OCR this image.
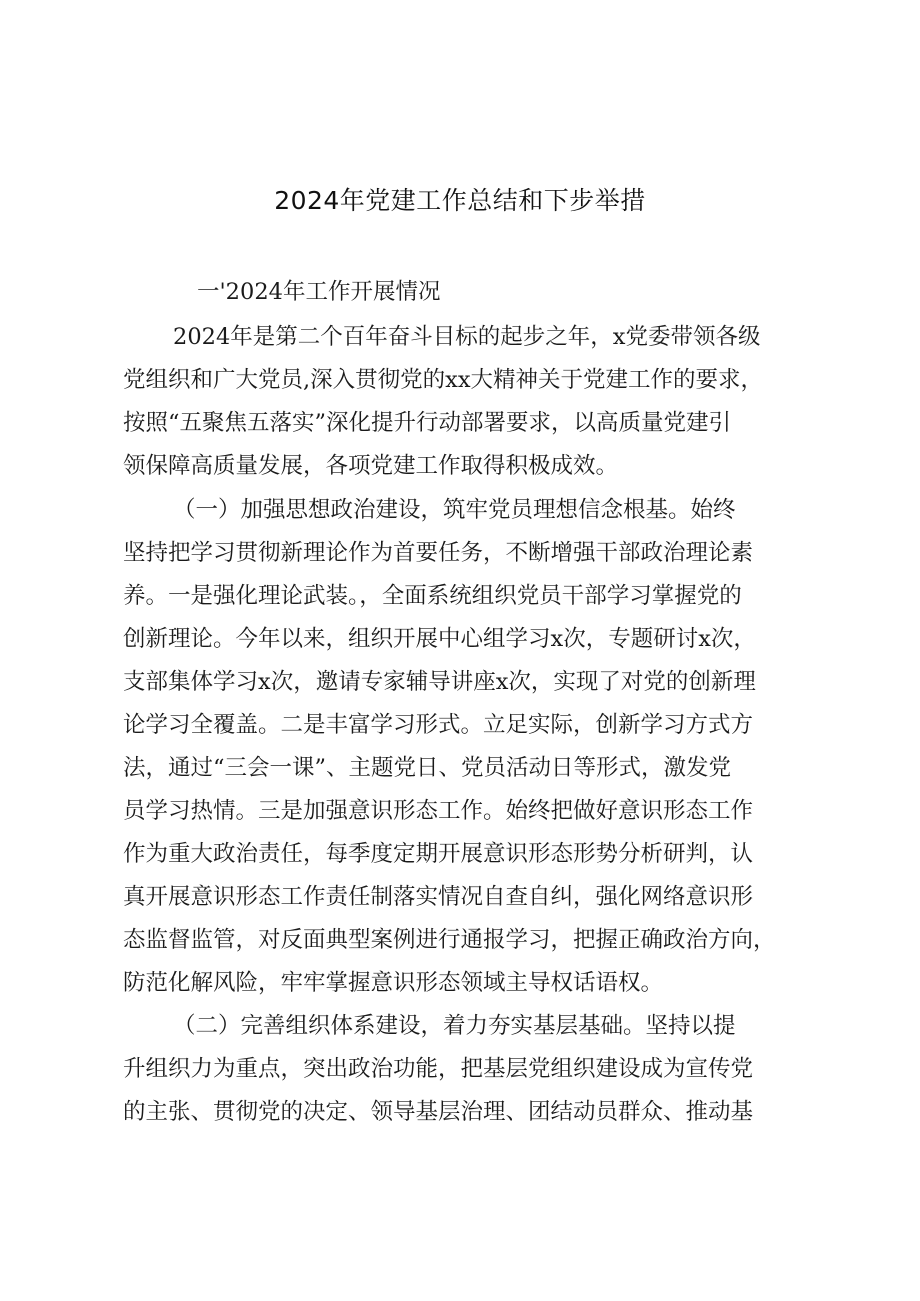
2024年党建工作总结和下步举措
一'2024年工作开展情况

2024年是第二个百年奋斗目标的起步之年，x党委带领各级
党组织和广大党员,深入贯彻党的xx大精神关于党建工作的要求，
按照“五聚焦五落实”深化提升行动部署要求，以高质量党建引
领保障高质量发展，各项党建工作取得积极成效。

（一）加强思想政治建设，筑牢党员理想信念根基。始终
坚持把学习贯彻新理论作为首要任务，不断增强干部政治理论素
养。一是强化理论武装。，全面系统组织党员干部学习掌握党的
创新理论。今年以来，组织开展中心组学习x次，专题研讨x次，
支部集体学习x次，邀请专家辅导讲座x次，实现了对党的创新理
论学习全覆盖。二是丰富学习形式。立足实际，创新学习方式方
法，通过“三会一课”、主题党日、党员活动日等形式，激发党
员学习热情。三是加强意识形态工作。始终把做好意识形态工作
作为重大政治责任，每季度定期开展意识形态形势分析研判，认
真开展意识形态工作责任制落实情况自查自纠，强化网络意识形
态监督监管，对反面典型案例进行通报学习，把握正确政治方向，
防范化解风险，牢牢掌握意识形态领域主导权话语权。

（二）完善组织体系建设，着力夯实基层基础。坚持以提
升组织力为重点，突出政治功能，把基层党组织建设成为宣传党
的主张、贯彻党的决定、领导基层治理、团结动员群众、推动基
